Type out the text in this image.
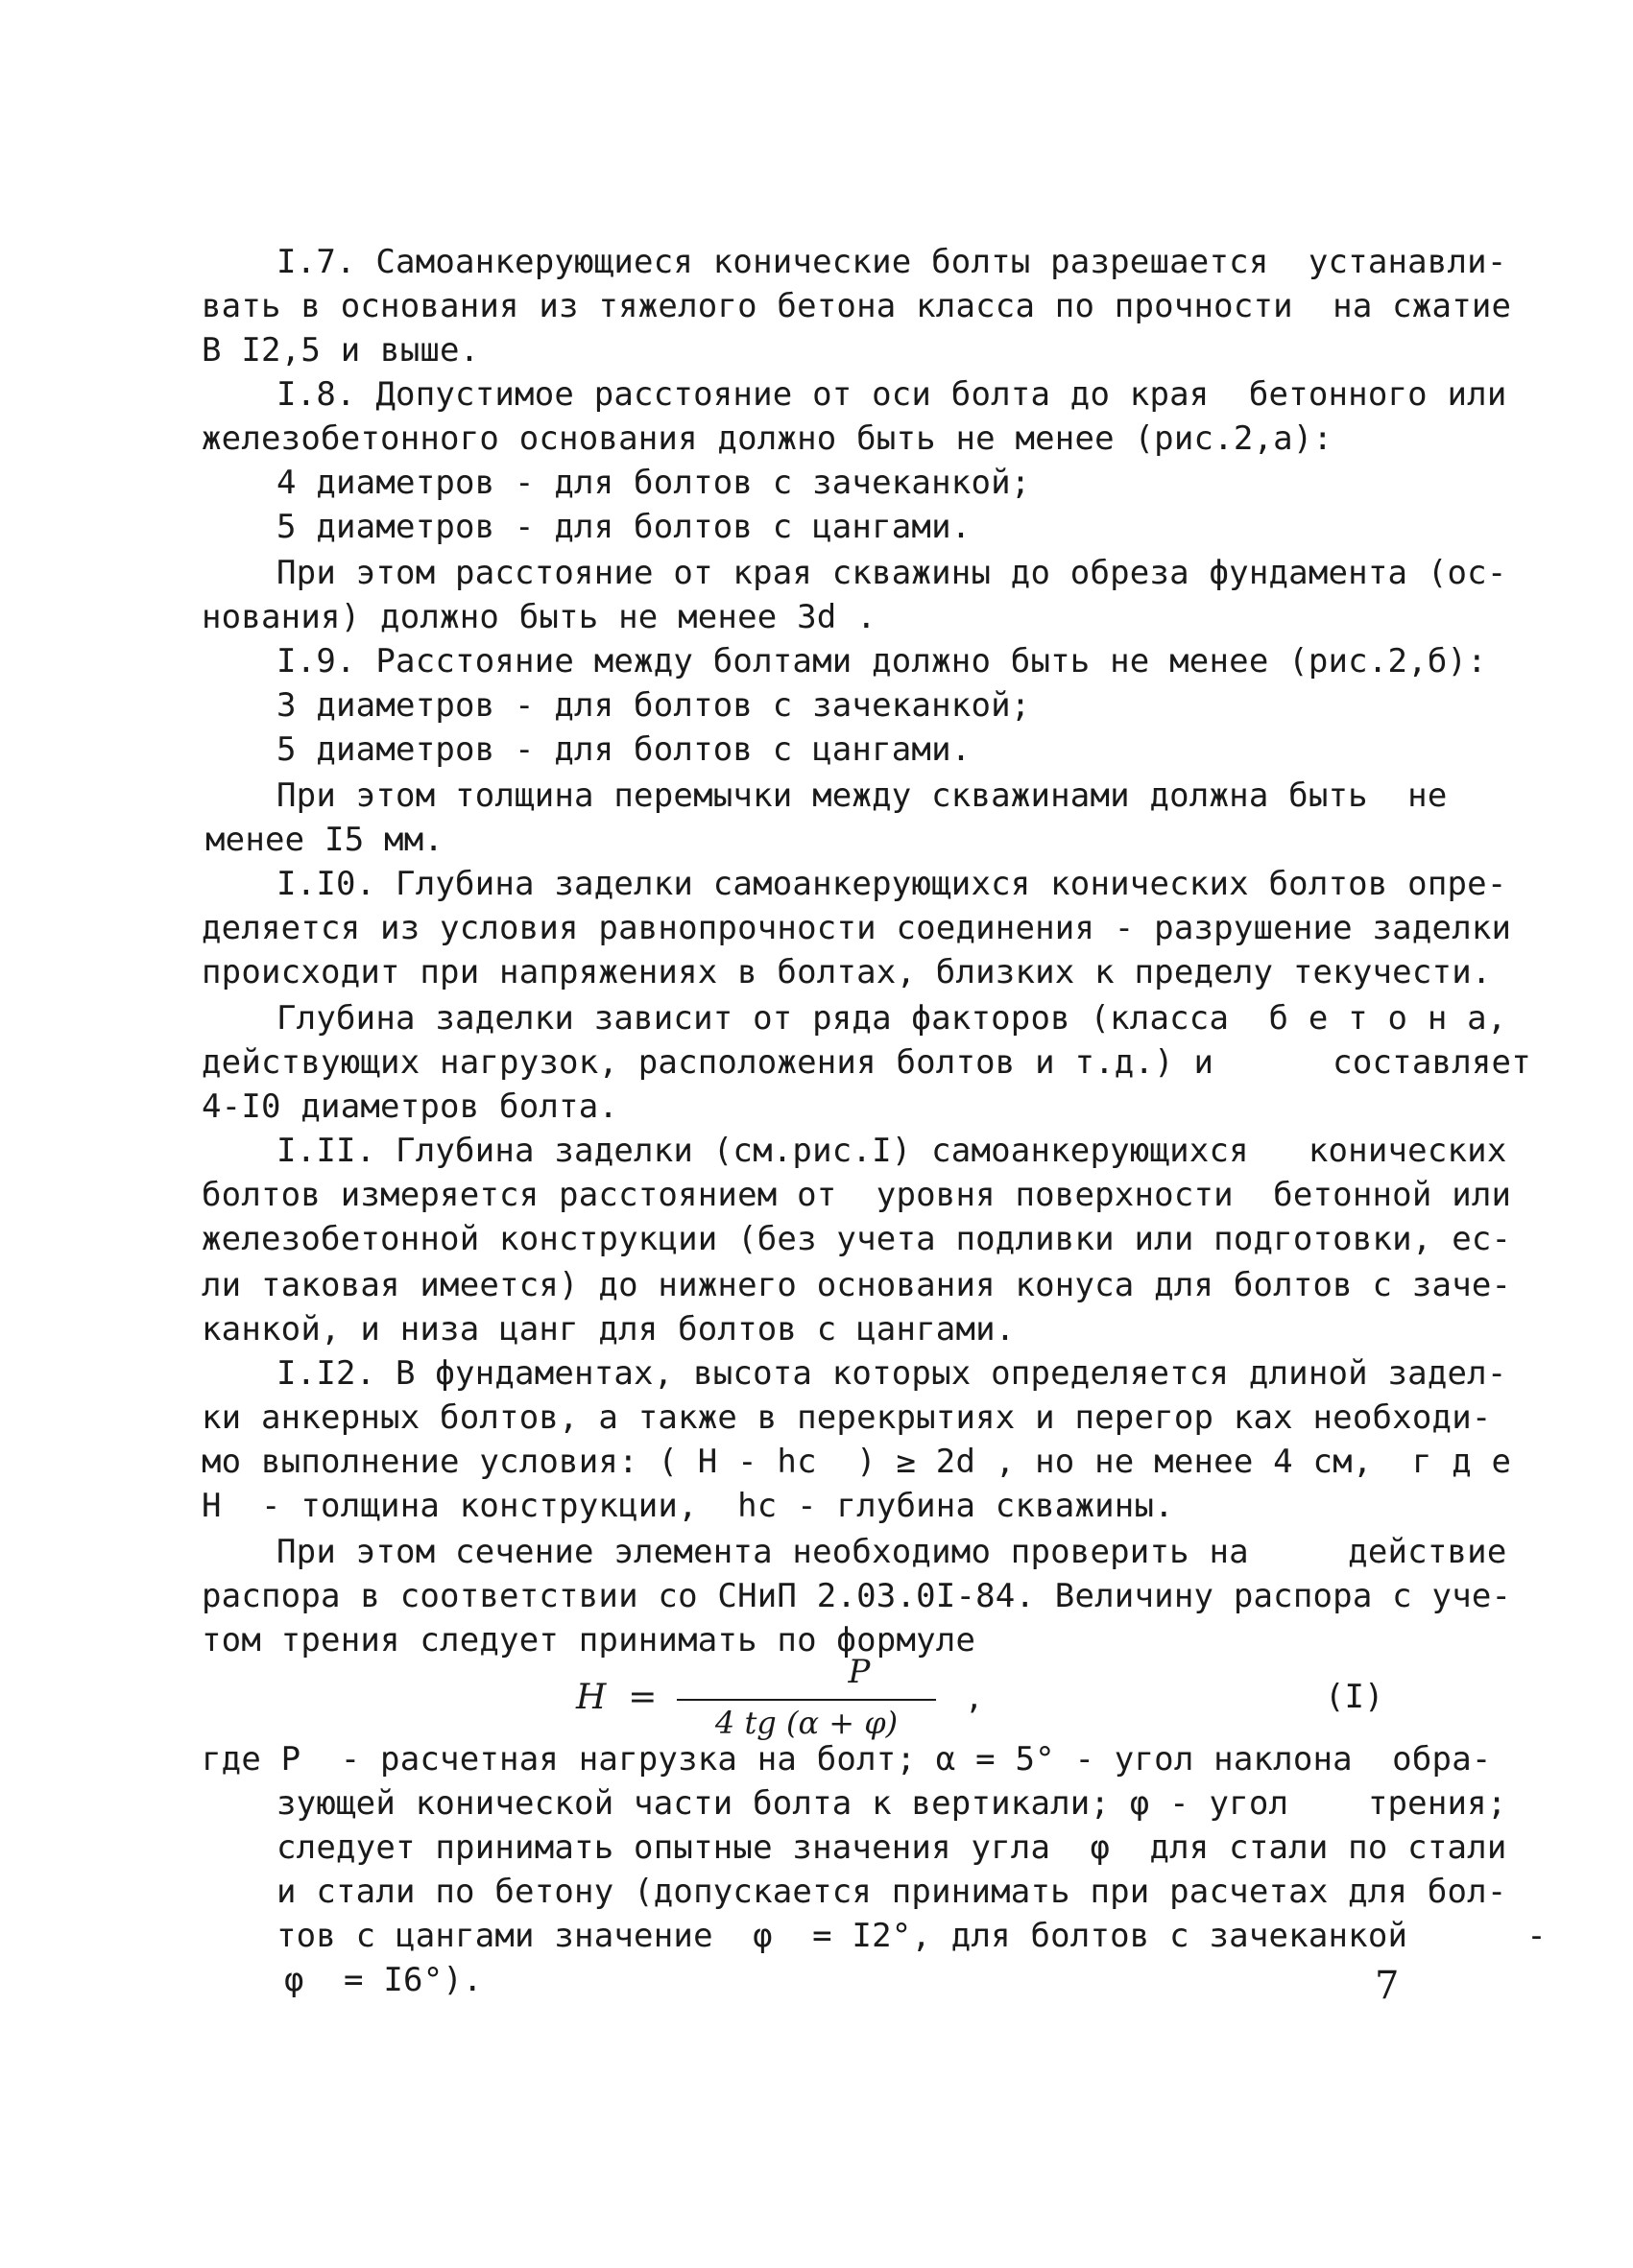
I.7. Самоанкерующиеся конические болты разрешается  устанавли-
вать в основания из тяжелого бетона класса по прочности  на сжатие
В I2,5 и выше.
I.8. Допустимое расстояние от оси болта до края  бетонного или
железобетонного основания должно быть не менее (рис.2,а):
4 диаметров - для болтов с зачеканкой;
5 диаметров - для болтов с цангами.
При этом расстояние от края скважины до обреза фундамента (ос-
нования) должно быть не менее 3d .
I.9. Расстояние между болтами должно быть не менее (рис.2,б):
3 диаметров - для болтов с зачеканкой;
5 диаметров - для болтов с цангами.
При этом толщина перемычки между скважинами должна быть  не
менее I5 мм.
I.I0. Глубина заделки самоанкерующихся конических болтов опре-
деляется из условия равнопрочности соединения - разрушение заделки
происходит при напряжениях в болтах, близких к пределу текучести.
Глубина заделки зависит от ряда факторов (класса  б е т о н а,
действующих нагрузок, расположения болтов и т.д.) и      составляет
4-I0 диаметров болта.
I.II. Глубина заделки (см.рис.I) самоанкерующихся   конических
болтов измеряется расстоянием от  уровня поверхности  бетонной или
железобетонной конструкции (без учета подливки или подготовки, ес-
ли таковая имеется) до нижнего основания конуса для болтов с заче-
канкой, и низа цанг для болтов с цангами.
I.I2. В фундаментах, высота которых определяется длиной задел-
ки анкерных болтов, а также в перекрытиях и перегор ках необходи-
мо выполнение условия: ( H - hc  ) ≥ 2d , но не менее 4 см,  г д е
H  - толщина конструкции,  hc - глубина скважины.
При этом сечение элемента необходимо проверить на     действие
распора в соответствии со СНиП 2.03.0I-84. Величину распора с уче-
том трения следует принимать по формуле
H  =
P
4 tg (α + φ)
,	(I)
где P  - расчетная нагрузка на болт; α = 5° - угол наклона  обра-
зующей конической части болта к вертикали; φ - угол    трения;
следует принимать опытные значения угла  φ  для стали по стали
и стали по бетону (допускается принимать при расчетах для бол-
тов с цангами значение  φ  = I2°, для болтов с зачеканкой      -
φ  = I6°).	7
